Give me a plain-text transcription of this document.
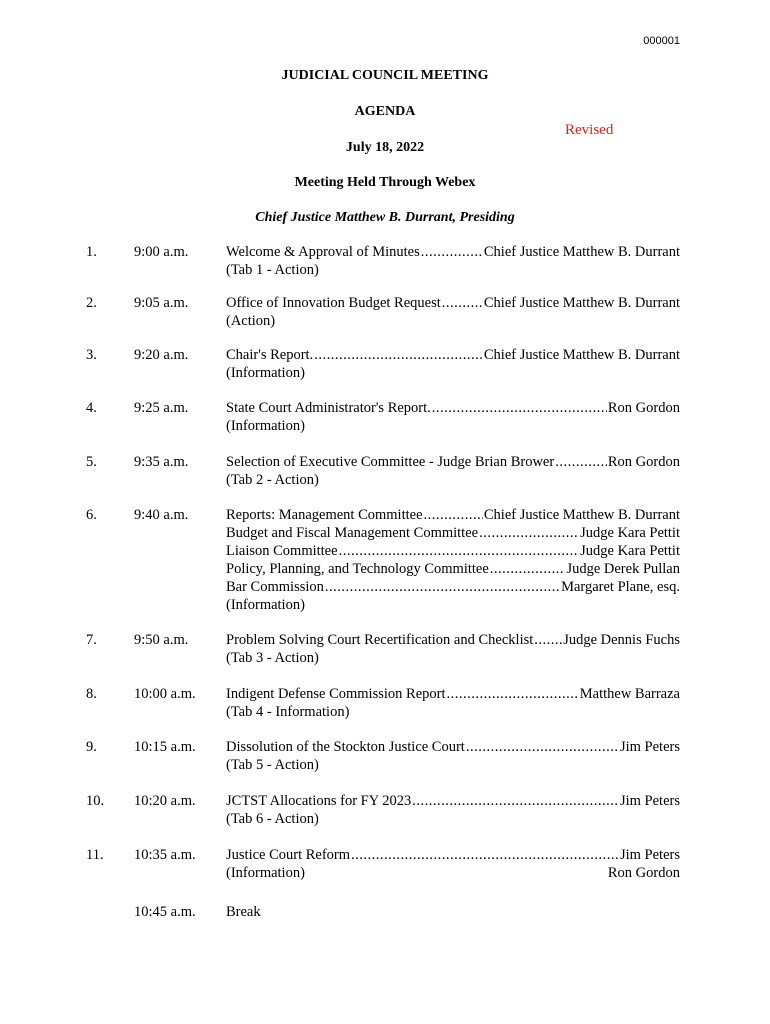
000001
JUDICIAL COUNCIL MEETING
AGENDA
Revised
July 18, 2022
Meeting Held Through Webex
Chief Justice Matthew B. Durrant, Presiding
1.	9:00 a.m.	Welcome & Approval of Minutes .....	Chief Justice Matthew B. Durrant
(Tab 1 - Action)
2.	9:05 a.m.	Office of Innovation Budget Request .....	Chief Justice Matthew B. Durrant
(Action)
3.	9:20 a.m.	Chair's Report. .....	Chief Justice Matthew B. Durrant
(Information)
4.	9:25 a.m.	State Court Administrator's Report. .....	Ron Gordon
(Information)
5.	9:35 a.m.	Selection of Executive Committee - Judge Brian Brower .....	Ron Gordon
(Tab 2 - Action)
6.	9:40 a.m.	Reports: Management Committee .....	Chief Justice Matthew B. Durrant
Budget and Fiscal Management Committee .....	Judge Kara Pettit
Liaison Committee .....	Judge Kara Pettit
Policy, Planning, and Technology Committee .....	Judge Derek Pullan
Bar Commission .....	Margaret Plane, esq.
(Information)
7.	9:50 a.m.	Problem Solving Court Recertification and Checklist ..... Judge Dennis Fuchs
(Tab 3 - Action)
8.	10:00 a.m. Indigent Defense Commission Report .....	Matthew Barraza
(Tab 4 - Information)
9.	10:15 a.m. Dissolution of the Stockton Justice Court .....	Jim Peters
(Tab 5 - Action)
10. 10:20 a.m. JCTST Allocations for FY 2023 .....	Jim Peters
(Tab 6 - Action)
11. 10:35 a.m. Justice Court Reform .....	Jim Peters
(Information)	Ron Gordon
10:45 a.m. Break
